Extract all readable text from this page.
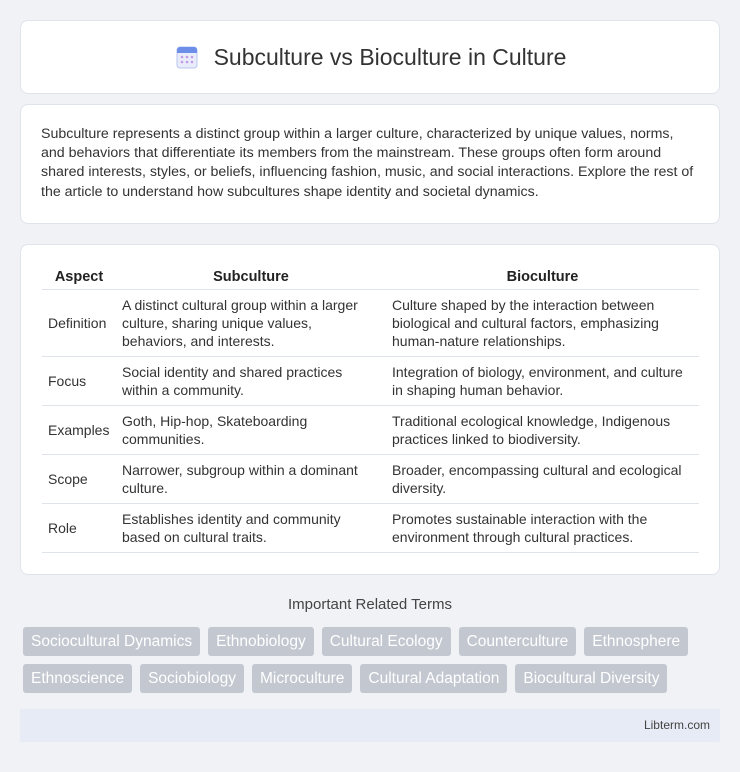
Subculture vs Bioculture in Culture

Subculture represents a distinct group within a larger culture, characterized by unique values, norms, and behaviors that differentiate its members from the mainstream. These groups often form around shared interests, styles, or beliefs, influencing fashion, music, and social interactions. Explore the rest of the article to understand how subcultures shape identity and societal dynamics.

Aspect	Subculture	Bioculture
Definition	A distinct cultural group within a larger culture, sharing unique values, behaviors, and interests.	Culture shaped by the interaction between biological and cultural factors, emphasizing human-nature relationships.
Focus	Social identity and shared practices within a community.	Integration of biology, environment, and culture in shaping human behavior.
Examples	Goth, Hip-hop, Skateboarding communities.	Traditional ecological knowledge, Indigenous practices linked to biodiversity.
Scope	Narrower, subgroup within a dominant culture.	Broader, encompassing cultural and ecological diversity.
Role	Establishes identity and community based on cultural traits.	Promotes sustainable interaction with the environment through cultural practices.
Important Related Terms
Sociocultural Dynamics	Ethnobiology	Cultural Ecology	Counterculture	Ethnosphere
Ethnoscience	Sociobiology	Microculture	Cultural Adaptation	Biocultural Diversity
Libterm.com
